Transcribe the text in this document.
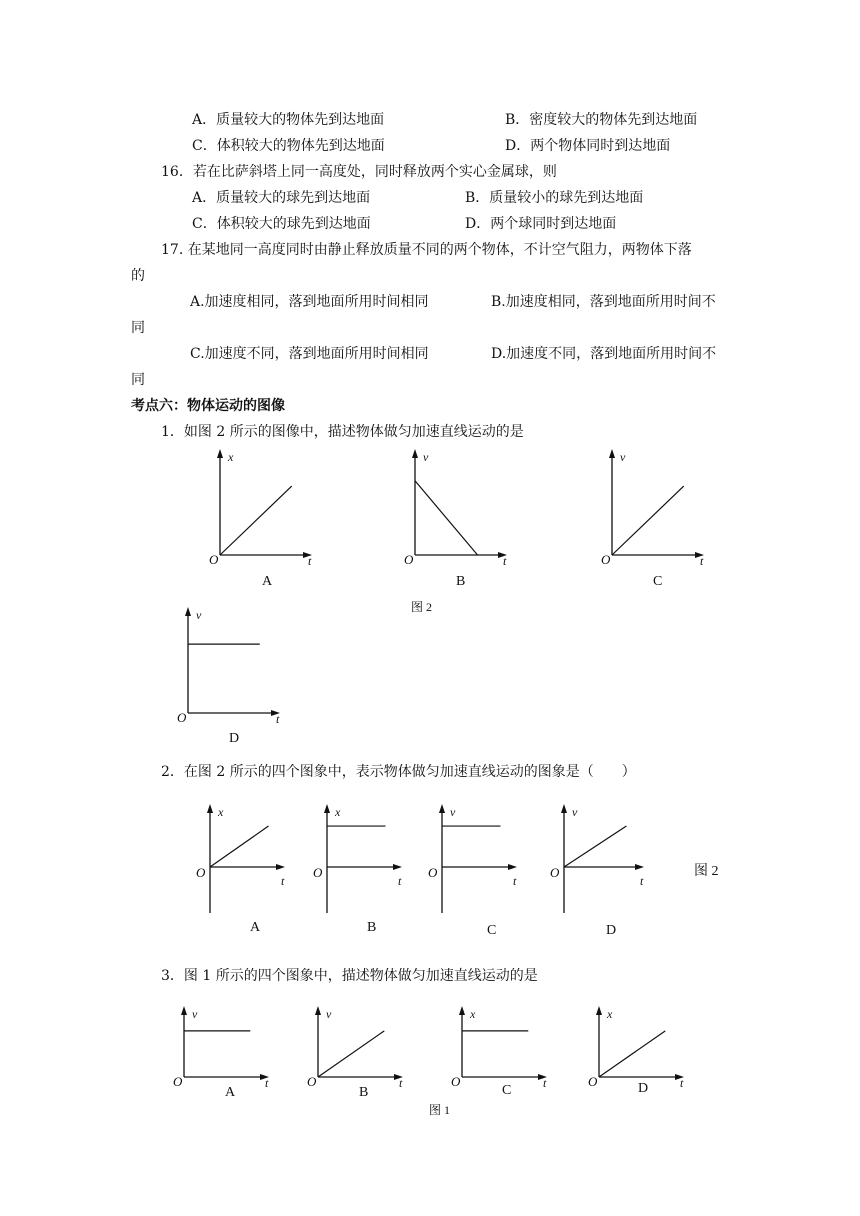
A．质量较大的物体先到达地面	B．密度较大的物体先到达地面
C．体积较大的物体先到达地面	D．两个物体同时到达地面
16．若在比萨斜塔上同一高度处，同时释放两个实心金属球，则
A．质量较大的球先到达地面	B．质量较小的球先到达地面
C．体积较大的球先到达地面	D．两个球同时到达地面
17. 在某地同一高度同时由静止释放质量不同的两个物体，不计空气阻力，两物体下落
的
A.加速度相同，落到地面所用时间相同	B.加速度相同，落到地面所用时间不
同
C.加速度不同，落到地面所用时间相同	D.加速度不同，落到地面所用时间不
同
考点六：物体运动的图像
1．如图 2 所示的图像中，描述物体做匀加速直线运动的是
图 2
2．在图 2 所示的四个图象中，表示物体做匀加速直线运动的图象是（　　）
图 2
3．图 1 所示的四个图象中，描述物体做匀加速直线运动的是
图 1
x
t
O
A
v
t
O
B
v
t
O
C
v
t
O
D
x
t
O
A
x
t
O
B
v
t
O
C
v
t
O
D
v
t
O
A
v
t
O
B
x
t
O
C
x
t
O	D
